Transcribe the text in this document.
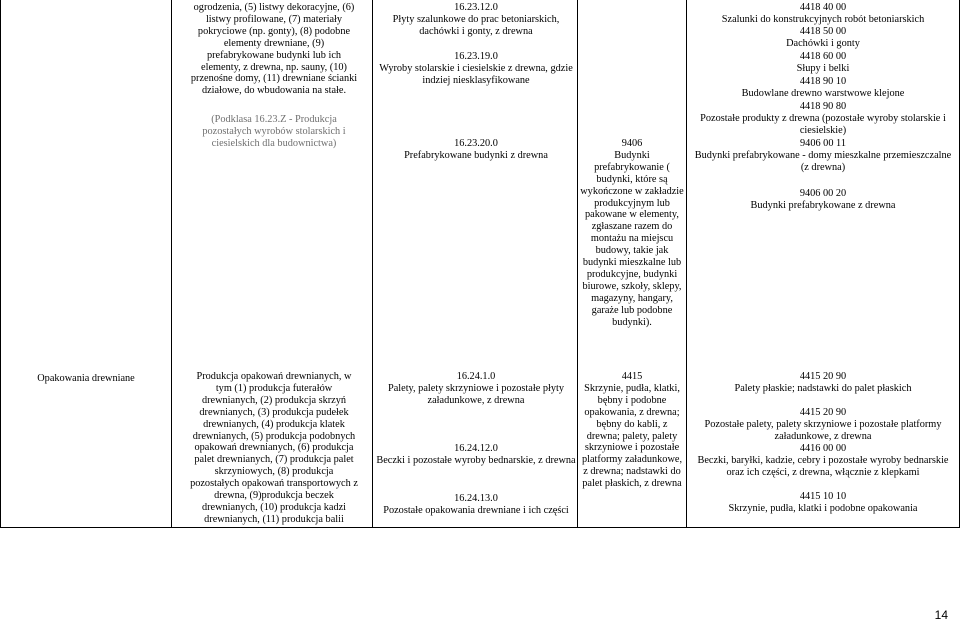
Opakowania drewniane
ogrodzenia, (5) listwy dekoracyjne, (6) listwy profilowane, (7) materiały pokryciowe (np. gonty), (8) podobne elementy drewniane, (9) prefabrykowane budynki lub ich elementy, z drewna, np. sauny, (10) przenośne domy, (11) drewniane ścianki działowe, do wbudowania na stałe.
(Podklasa 16.23.Z - Produkcja pozostałych wyrobów stolarskich i ciesielskich dla budownictwa)
Produkcja opakowań drewnianych, w tym (1) produkcja futerałów drewnianych, (2) produkcja skrzyń drewnianych, (3) produkcja pudełek drewnianych, (4) produkcja klatek drewnianych, (5) produkcja podobnych opakowań drewnianych, (6) produkcja palet drewnianych, (7) produkcja palet skrzyniowych, (8) produkcja pozostałych opakowań transportowych z drewna, (9)produkcja beczek drewnianych, (10) produkcja kadzi drewnianych, (11) produkcja balii
16.23.12.0
Płyty szalunkowe do prac betoniarskich, dachówki i gonty, z drewna
16.23.19.0
Wyroby stolarskie i ciesielskie z drewna, gdzie indziej niesklasyfikowane
16.23.20.0
Prefabrykowane budynki z drewna
16.24.1.0
Palety, palety skrzyniowe i pozostałe płyty załadunkowe, z drewna
16.24.12.0
Beczki i pozostałe wyroby bednarskie, z drewna
16.24.13.0
Pozostałe opakowania drewniane i ich części
9406
Budynki prefabrykowanie ( budynki, które są wykończone w zakładzie produkcyjnym lub pakowane w elementy, zgłaszane razem do montażu na miejscu budowy, takie jak budynki mieszkalne lub produkcyjne, budynki biurowe, szkoły, sklepy, magazyny, hangary, garaże lub podobne budynki).
4415
Skrzynie, pudła, klatki, bębny i podobne opakowania, z drewna; bębny do kabli, z drewna; palety, palety skrzyniowe i pozostałe platformy załadunkowe, z drewna; nadstawki do palet płaskich, z drewna
4418 40 00
Szalunki do konstrukcyjnych robót betoniarskich
4418 50 00
Dachówki i gonty
4418 60 00
Słupy i belki
4418 90 10
Budowlane drewno warstwowe klejone
4418 90 80
Pozostałe produkty z drewna (pozostałe wyroby stolarskie i ciesielskie)
9406 00 11
Budynki prefabrykowane - domy mieszkalne przemieszczalne (z drewna)
9406 00 20
Budynki prefabrykowane z drewna
4415 20 90
Palety płaskie; nadstawki do palet płaskich
4415 20 90
Pozostałe palety, palety skrzyniowe i pozostałe platformy załadunkowe, z drewna
4416 00 00
Beczki, baryłki, kadzie, cebry i pozostałe wyroby bednarskie oraz ich części, z drewna, włącznie z klepkami
4415 10 10
Skrzynie, pudła, klatki i podobne opakowania
14
